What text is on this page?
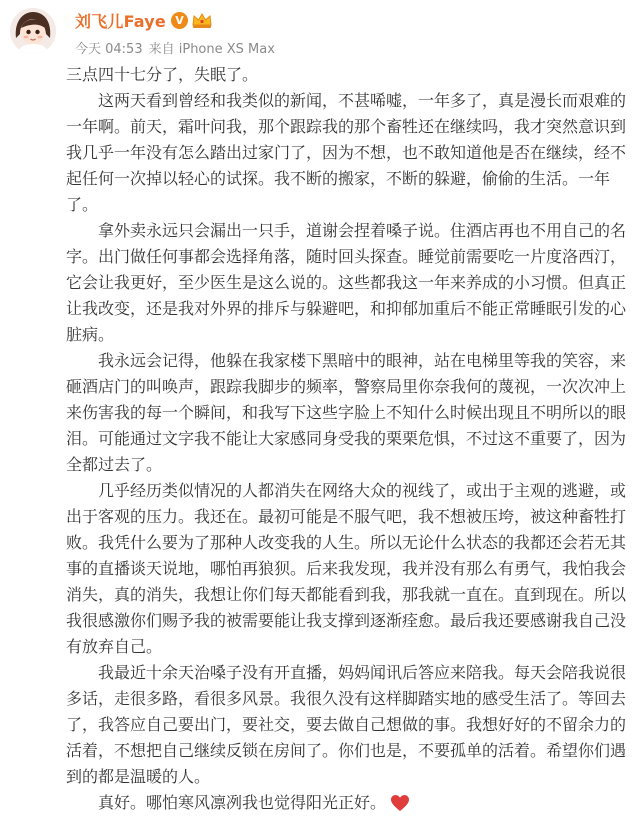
刘飞儿Faye V
今天 04:53 来自 iPhone XS Max

三点四十七分了，失眠了。

这两天看到曾经和我类似的新闻，不甚唏嘘，一年多了，真是漫长而艰难的一年啊。前天，霜叶问我，那个跟踪我的那个畜牲还在继续吗，我才突然意识到我几乎一年没有怎么踏出过家门了，因为不想，也不敢知道他是否在继续，经不起任何一次掉以轻心的试探。我不断的搬家，不断的躲避，偷偷的生活。一年了。

拿外卖永远只会漏出一只手，道谢会捏着嗓子说。住酒店再也不用自己的名字。出门做任何事都会选择角落，随时回头探查。睡觉前需要吃一片度洛西汀，它会让我更好，至少医生是这么说的。这些都我这一年来养成的小习惯。但真正让我改变，还是我对外界的排斥与躲避吧，和抑郁加重后不能正常睡眠引发的心脏病。

我永远会记得，他躲在我家楼下黑暗中的眼神，站在电梯里等我的笑容，来砸酒店门的叫唤声，跟踪我脚步的频率，警察局里你奈我何的蔑视，一次次冲上来伤害我的每一个瞬间，和我写下这些字脸上不知什么时候出现且不明所以的眼泪。可能通过文字我不能让大家感同身受我的栗栗危惧，不过这不重要了，因为全都过去了。

几乎经历类似情况的人都消失在网络大众的视线了，或出于主观的逃避，或出于客观的压力。我还在。最初可能是不服气吧，我不想被压垮，被这种畜牲打败。我凭什么要为了那种人改变我的人生。所以无论什么状态的我都还会若无其事的直播谈天说地，哪怕再狼狈。后来我发现，我并没有那么有勇气，我怕我会消失，真的消失，我想让你们每天都能看到我，那我就一直在。直到现在。所以我很感激你们赐予我的被需要能让我支撑到逐渐痊愈。最后我还要感谢我自己没有放弃自己。

我最近十余天治嗓子没有开直播，妈妈闻讯后答应来陪我。每天会陪我说很多话，走很多路，看很多风景。我很久没有这样脚踏实地的感受生活了。等回去了，我答应自己要出门，要社交，要去做自己想做的事。我想好好的不留余力的活着，不想把自己继续反锁在房间了。你们也是，不要孤单的活着。希望你们遇到的都是温暖的人。

真好。哪怕寒风凛冽我也觉得阳光正好。
